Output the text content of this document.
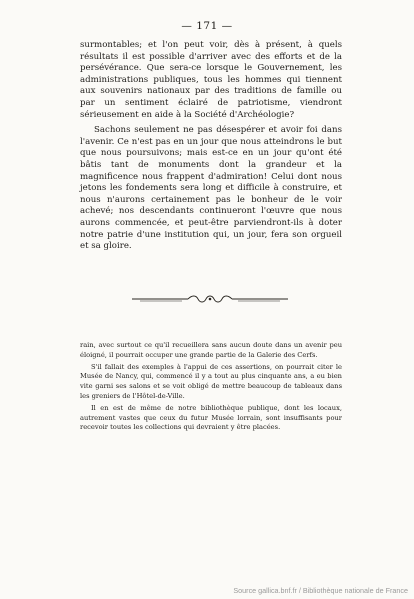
— 171 —

surmontables; et l'on peut voir, dès à présent, à quels résultats il est possible d'arriver avec des efforts et de la persévérance. Que sera-ce lorsque le Gouvernement, les administrations publiques, tous les hommes qui tiennent aux souvenirs nationaux par des traditions de famille ou par un sentiment éclairé de patriotisme, viendront sérieusement en aide à la Société d'Archéologie?

Sachons seulement ne pas désespérer et avoir foi dans l'avenir. Ce n'est pas en un jour que nous atteindrons le but que nous poursuivons; mais est-ce en un jour qu'ont été bâtis tant de monuments dont la grandeur et la magnificence nous frappent d'admiration! Celui dont nous jetons les fondements sera long et difficile à construire, et nous n'aurons certainement pas le bonheur de le voir achevé; nos descendants continueront l'œuvre que nous aurons commencée, et peut-être parviendront-ils à doter notre patrie d'une institution qui, un jour, fera son orgueil et sa gloire.

rain, avec surtout ce qu'il recueillera sans aucun doute dans un avenir peu éloigné, il pourrait occuper une grande partie de la Galerie des Cerfs.

S'il fallait des exemples à l'appui de ces assertions, on pourrait citer le Musée de Nancy, qui, commencé il y a tout au plus cinquante ans, a eu bien vite garni ses salons et se voit obligé de mettre beaucoup de tableaux dans les greniers de l'Hôtel-de-Ville.

Il en est de même de notre bibliothèque publique, dont les locaux, autrement vastes que ceux du futur Musée lorrain, sont insuffisants pour recevoir toutes les collections qui devraient y être placées.

Source gallica.bnf.fr / Bibliothèque nationale de France
